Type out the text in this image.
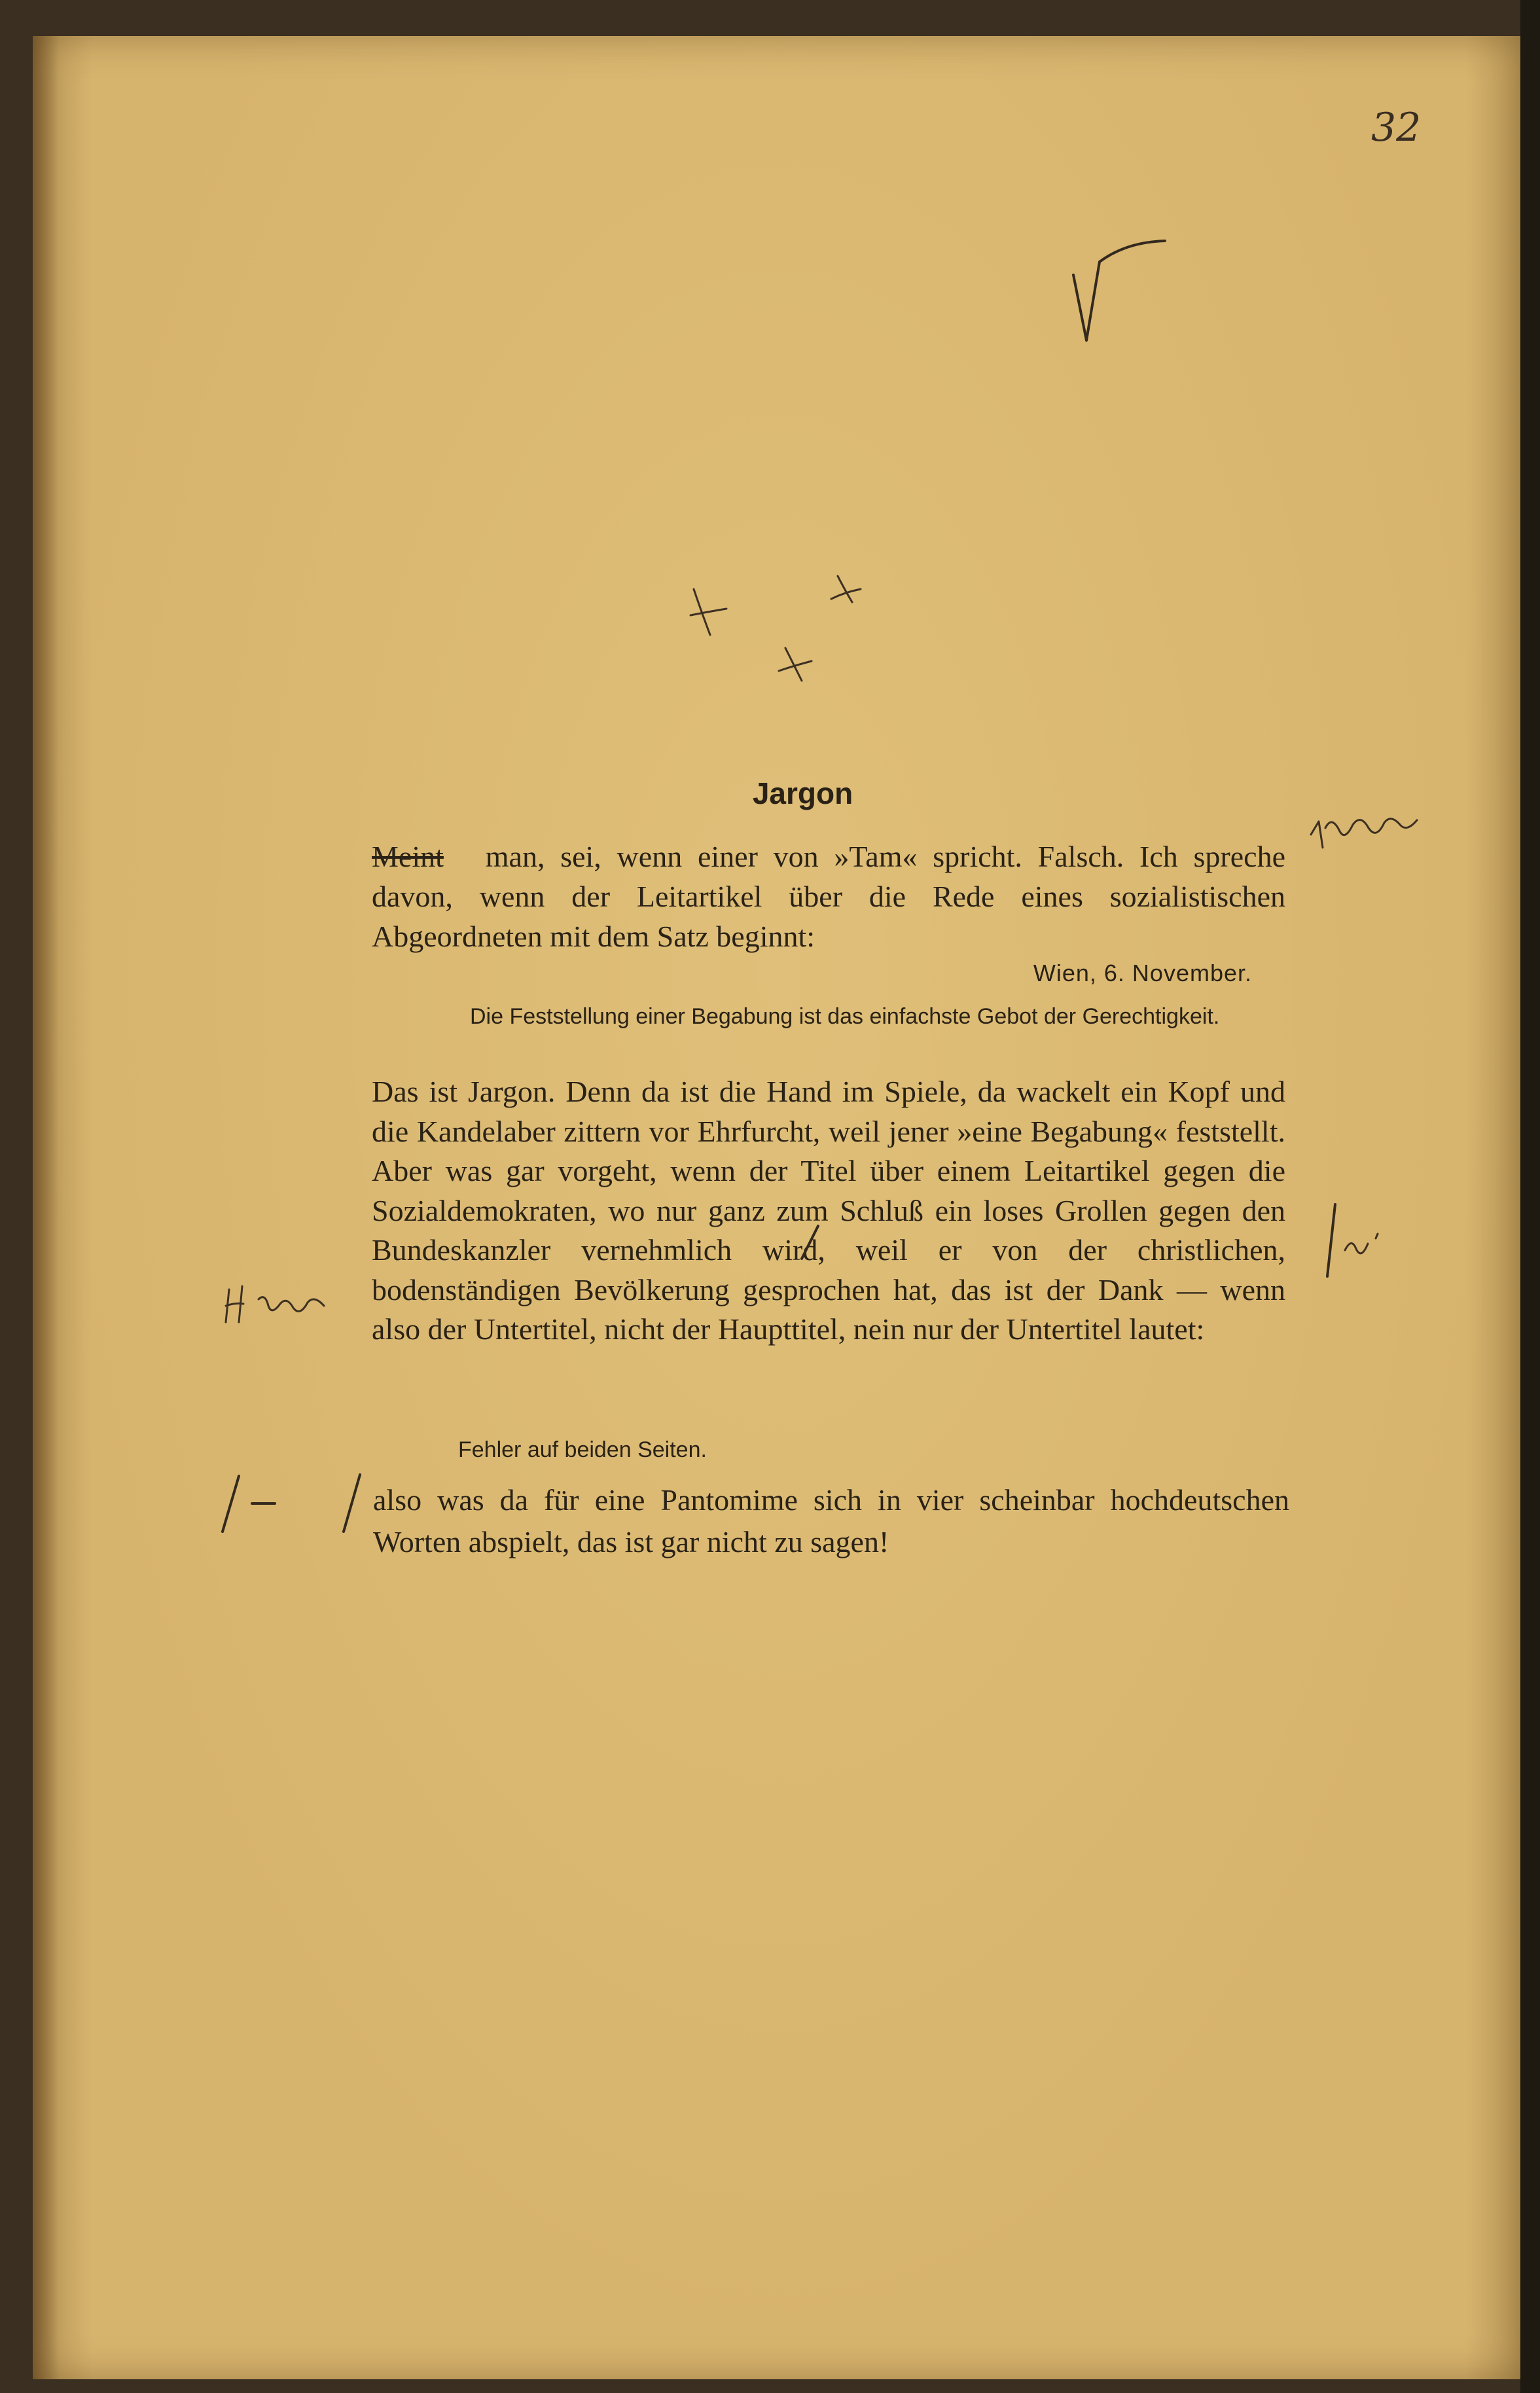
32
Jargon
Meint man, sei, wenn einer von »Tam« spricht. Falsch. Ich spreche davon, wenn der Leitartikel über die Rede eines sozialistischen Abgeordneten mit dem Satz beginnt:
Wien, 6. November.
Die Feststellung einer Begabung ist das einfachste Gebot der Gerechtigkeit.
Das ist Jargon. Denn da ist die Hand im Spiele, da wackelt ein Kopf und die Kandelaber zittern vor Ehrfurcht, weil jener »eine Begabung« feststellt. Aber was gar vorgeht, wenn der Titel über einem Leitartikel gegen die Sozialdemokraten, wo nur ganz zum Schluß ein loses Grollen gegen den Bundeskanzler vernehmlich wird, weil er von der christlichen, bodenständigen Bevölkerung gesprochen hat, das ist der Dank — wenn also der Untertitel, nicht der Haupttitel, nein nur der Untertitel lautet:
Fehler auf beiden Seiten.
also was da für eine Pantomime sich in vier scheinbar hochdeutschen Worten abspielt, das ist gar nicht zu sagen!
